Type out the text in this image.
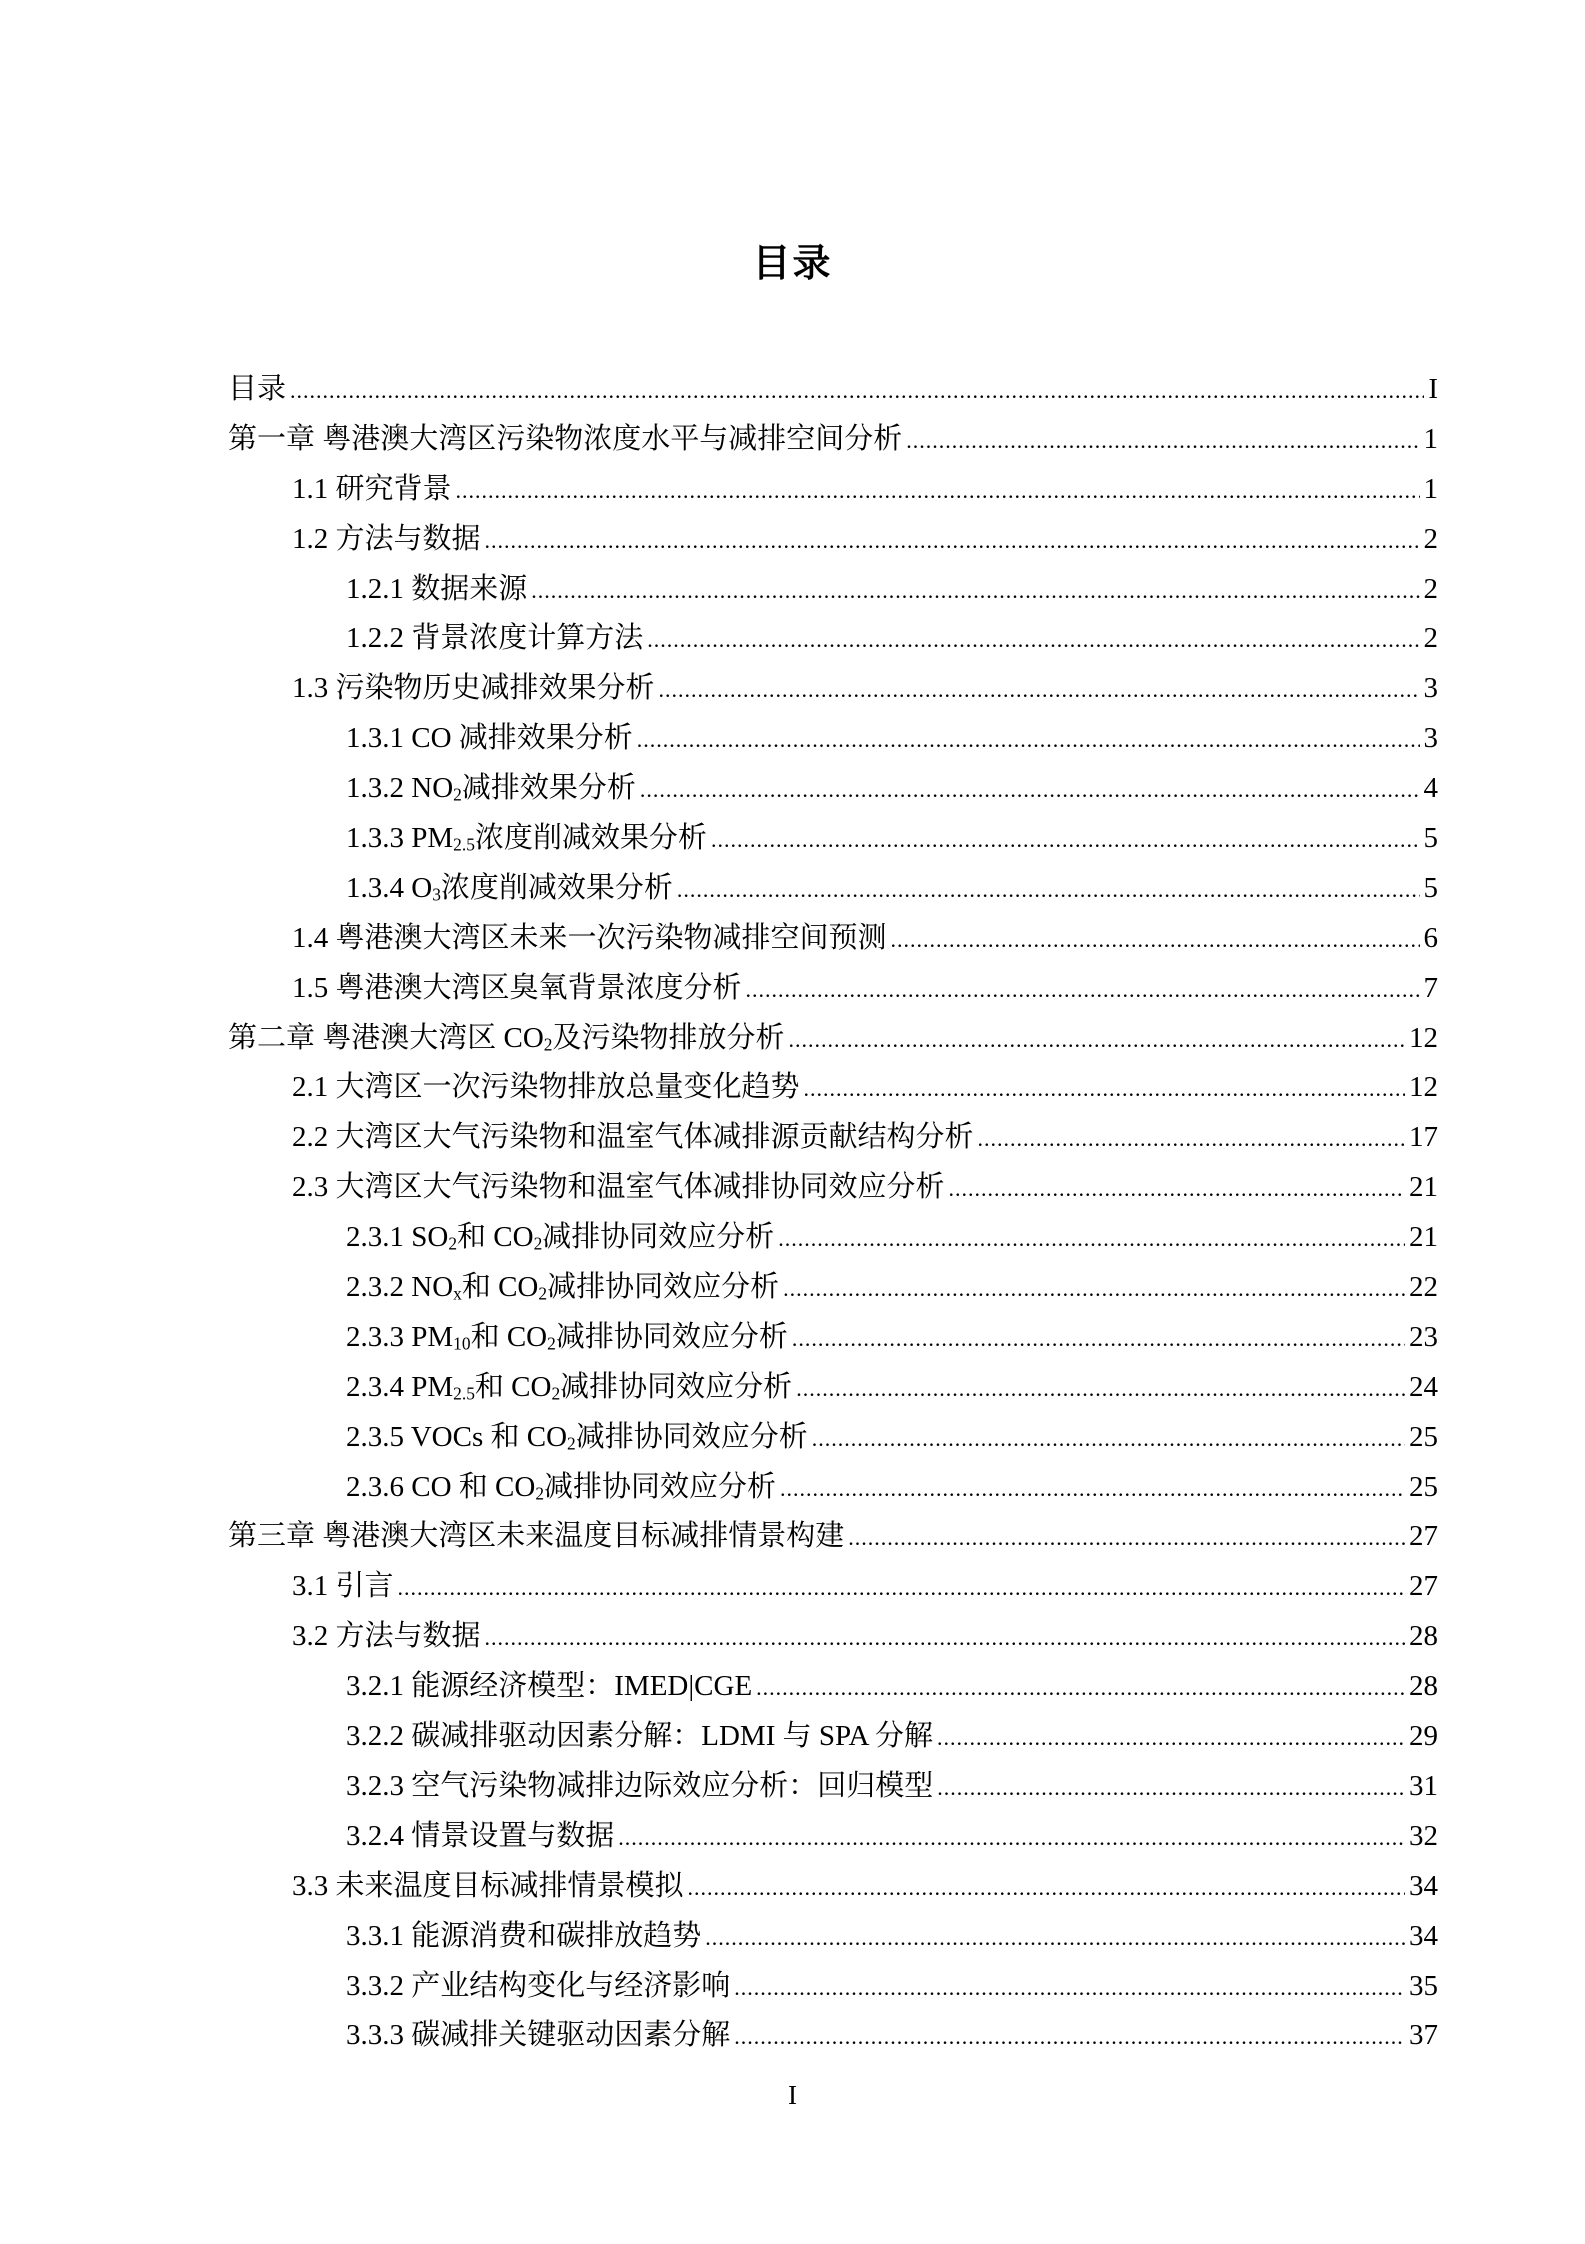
目录
目录 .....	I
第一章 粤港澳大湾区污染物浓度水平与减排空间分析 .....	1
1.1 研究背景 .....	1
1.2 方法与数据 .....	2
1.2.1 数据来源 .....	2
1.2.2 背景浓度计算方法 .....	2
1.3 污染物历史减排效果分析 .....	3
1.3.1 CO 减排效果分析 .....	3
1.3.2 $NO_2$减排效果分析 .....	4
1.3.3 $PM_{2.5}$浓度削减效果分析 .....	5
1.3.4 $O_3$浓度削减效果分析 .....	5
1.4 粤港澳大湾区未来一次污染物减排空间预测 .....	6
1.5 粤港澳大湾区臭氧背景浓度分析 .....	7
第二章 粤港澳大湾区 $CO_2$及污染物排放分析 .....	12
2.1 大湾区一次污染物排放总量变化趋势 .....	12
2.2 大湾区大气污染物和温室气体减排源贡献结构分析 .....	17
2.3 大湾区大气污染物和温室气体减排协同效应分析 .....	21
2.3.1 $SO_2$和 $CO_2$减排协同效应分析 .....	21
2.3.2 $NO_x$和 $CO_2$减排协同效应分析 .....	22
2.3.3 $PM_{10}$和 $CO_2$减排协同效应分析 .....	23
2.3.4 $PM_{2.5}$和 $CO_2$减排协同效应分析 .....	24
2.3.5 VOCs 和 $CO_2$减排协同效应分析 .....	25
2.3.6 CO 和 $CO_2$减排协同效应分析 .....	25
第三章 粤港澳大湾区未来温度目标减排情景构建 .....	27
3.1 引言 .....	27
3.2 方法与数据 .....	28
3.2.1 能源经济模型：IMED|CGE .....	28
3.2.2 碳减排驱动因素分解：LDMI 与 SPA 分解 .....	29
3.2.3 空气污染物减排边际效应分析：回归模型 .....	31
3.2.4 情景设置与数据 .....	32
3.3 未来温度目标减排情景模拟 .....	34
3.3.1 能源消费和碳排放趋势 .....	34
3.3.2 产业结构变化与经济影响 .....	35
3.3.3 碳减排关键驱动因素分解 .....	37
I
